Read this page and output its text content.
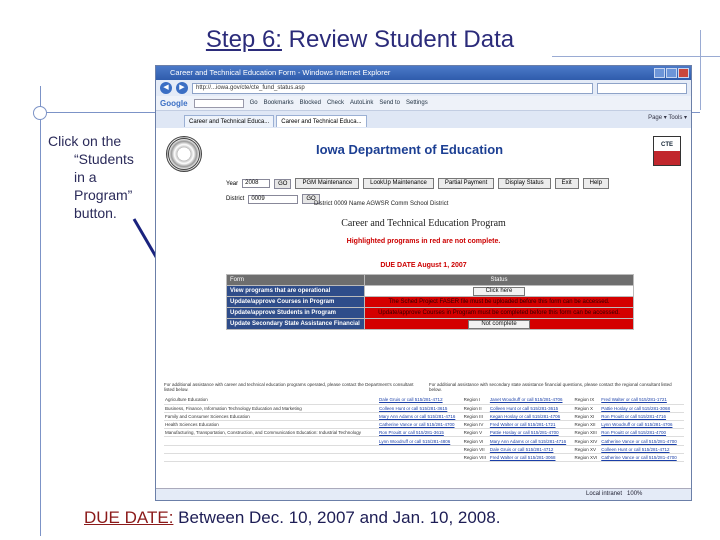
Step 6: Review Student Data
Click on the
“Students
in a
Program”
button.
Career and Technical Education Form - Windows Internet Explorer
◀	▶	http://...iowa.gov/cte/cte_fund_status.asp
Google	Go Bookmarks Blocked Check AutoLink Send to Settings
Career and Technical Educa...	Career and Technical Educa...
Page ▾ Tools ▾
Iowa Department of Education	CTE
Year	2008	GO	PGM Maintenance	LookUp Maintenance	Partial Payment	Display Status	Exit	Help
District	0009	GO
District 0009 Name AGWSR Comm School District
Career and Technical Education Program
Highlighted programs in red are not complete.
DUE DATE August 1, 2007
Form	Status
View programs that are operational	Click here
Update/approve Courses in Program	The Sched Project FASER file must be uploaded before this form can be accessed.
Update/approve Students in Program	Update/approve Courses in Program must be completed before this form can be accessed.
Update Secondary State Assistance Financial	Not complete
For additional assistance with career and technical education programs operated, please contact the Department's consultant listed below.
For additional assistance with secondary state assistance financial questions, please contact the regional consultant listed below.
Agriculture Education	Dale Gruis or call 515/281-4712	Region I	Janet Woodruff or call 515/281-4706	Region IX	Fred Walter or call 515/281-1721
Business, Finance, Information Technology Education and Marketing	Colleen Hunt or call 515/281-3615	Region II	Colleen Hunt or call 515/281-3615	Region X	Pattie Hoslay or call 515/281-3068
Family and Consumer Sciences Education	Mary Ann Adams or call 515/281-4716	Region III	Kegan Hoslay or call 515/281-4706	Region XI	Ron Prouitt or call 515/281-4716
Health Sciences Education	Catherine Vance or call 515/281-4700	Region IV	Fred Walter or call 515/281-1721	Region XII	Lynn Woodruff or call 515/281-4706
Manufacturing, Transportation, Construction, and Communication Education: Industrial Technology	Ron Prouitt or call 515/281-3615	Region V	Pattie Hoslay or call 515/281-4700	Region XIII	Ron Prouitt or call 515/281-4700
	Lynn Woodruff or call 515/281-4806	Region VI	Mary Ann Adams or call 515/281-4716	Region XIV	Catherine Vance or call 515/281-4700
		Region VII	Dale Gruis or call 515/281-4712	Region XV	Colleen Hunt or call 515/281-4712
		Region VIII	Fred Walter or call 515/281-3068	Region XVI	Catherine Vance or call 515/281-4700
Local intranet 100%
DUE DATE: Between Dec. 10, 2007 and Jan. 10, 2008.
